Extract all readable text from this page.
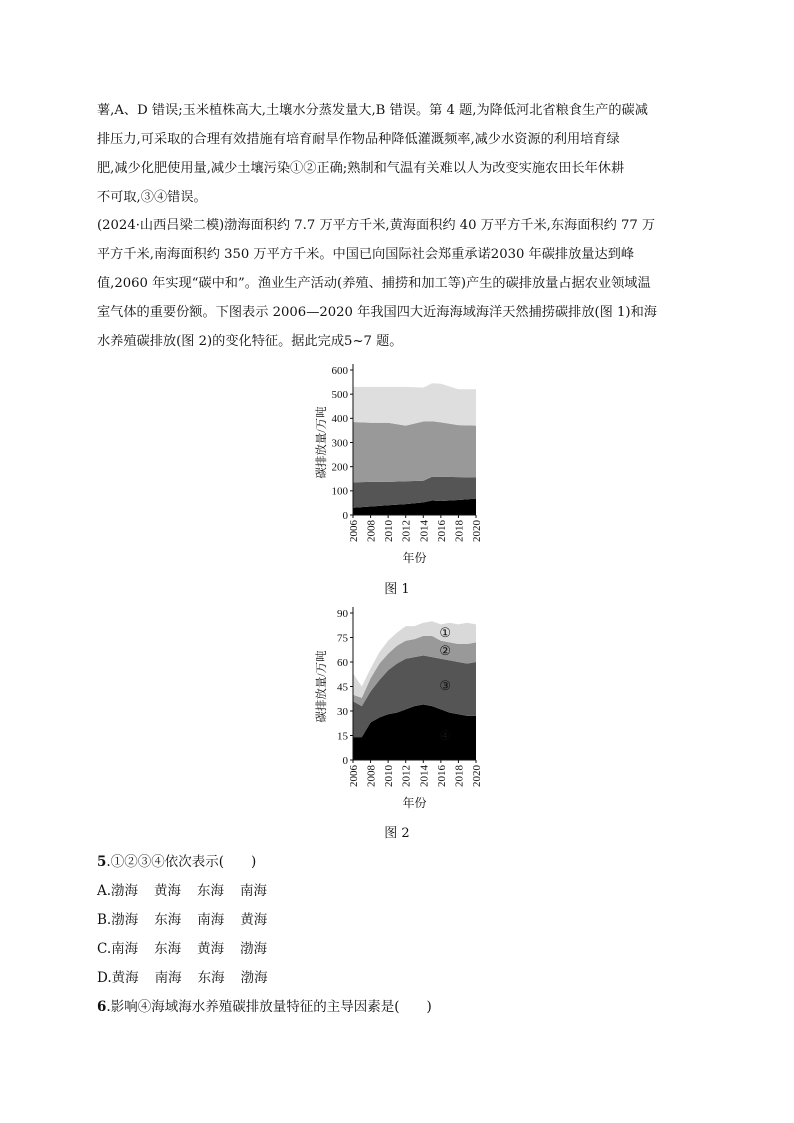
薯,A、D 错误;玉米植株高大,土壤水分蒸发量大,B 错误。第 4 题,为降低河北省粮食生产的碳减
排压力,可采取的合理有效措施有培育耐旱作物品种降低灌溉频率,减少水资源的利用培育绿
肥,减少化肥使用量,减少土壤污染①②正确;熟制和气温有关难以人为改变实施农田长年休耕
不可取,③④错误。
(2024·山西吕梁二模)渤海面积约 7.7 万平方千米,黄海面积约 40 万平方千米,东海面积约 77 万
平方千米,南海面积约 350 万平方千米。中国已向国际社会郑重承诺2030 年碳排放量达到峰
值,2060 年实现“碳中和”。渔业生产活动(养殖、捕捞和加工等)产生的碳排放量占据农业领域温
室气体的重要份额。下图表示 2006—2020 年我国四大近海海域海洋天然捕捞碳排放(图 1)和海
水养殖碳排放(图 2)的变化特征。据此完成5~7 题。
0
100
200
300
400
500
600
2006 2008 2010 2012 2014 2016 2018 2020
年份
碳排放量/万吨
图 1
0
15
30
45
60
75
90
2006 2008 2010 2012 2014 2016 2018 2020
年份
碳排放量/万吨
④
③
②
①
图 2

5.①②③④依次表示(　　)

A.渤海 黄海 东海 南海

B.渤海 东海 南海 黄海

C.南海 东海 黄海 渤海

D.黄海 南海 东海 渤海

6.影响④海域海水养殖碳排放量特征的主导因素是(　　)
